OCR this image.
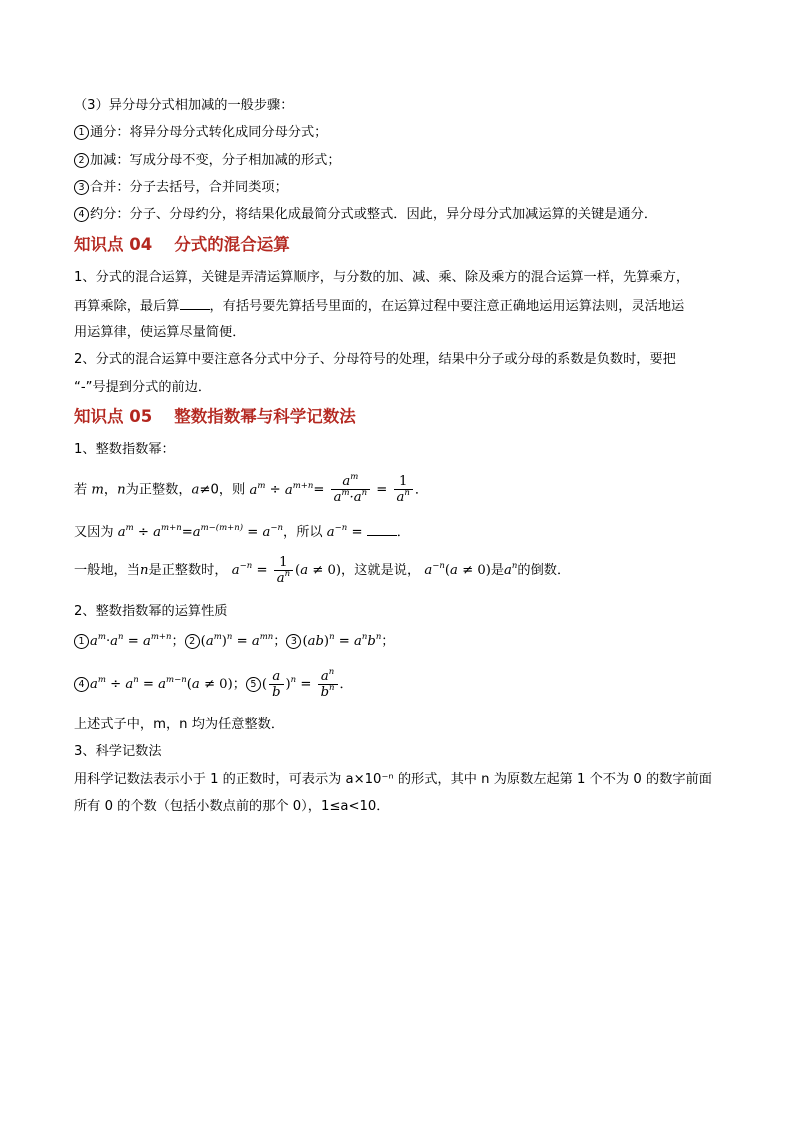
（3）异分母分式相加减的一般步骤：
1 通分：将异分母分式转化成同分母分式；
2 加减：写成分母不变，分子相加减的形式；
3 合并：分子去括号，合并同类项；
4 约分：分子、分母约分，将结果化成最简分式或整式．因此，异分母分式加减运算的关键是通分．
知识点 04 分式的混合运算
1、分式的混合运算，关键是弄清运算顺序，与分数的加、减、乘、除及乘方的混合运算一样，先算乘方，
再算乘除，最后算 ，有括号要先算括号里面的，在运算过程中要注意正确地运用运算法则，灵活地运
用运算律，使运算尽量简便．
2、分式的混合运算中要注意各分式中分子、分母符号的处理，结果中分子或分母的系数是负数时，要把
“-”号提到分式的前边．
知识点 05 整数指数幂与科学记数法
1、整数指数幂：
若 m，n为正整数，a≠0，则 $a^m \div a^{m+n}= \frac{a^m}{a^m\cdot a^n} = \frac{1}{a^n}$ ．
又因为 $a^m \div a^{m+n}=a^{m-(m+n)} = a^{-n}$，所以 $a^{-n}$ = ．
一般地，当n是正整数时， $a^{-n} = \frac{1}{a^n} (a \ne 0)$，这就是说， $a^{-n}(a \ne 0)$是$a^n$的倒数．
2、整数指数幂的运算性质
1 $a^m\cdot a^n = a^{m+n}$； 2 $(a^m)^n = a^{mn}$； 3 $(ab)^n = a^nb^n$；
4 $a^m \div a^n = a^{m-n}(a \ne 0)$； 5 ( $\frac{a}{b} )^n = \frac{a^n}{b^n}$ ．
上述式子中，m，n 均为任意整数．
3、科学记数法
用科学记数法表示小于 1 的正数时，可表示为 a×10⁻ⁿ 的形式，其中 n 为原数左起第 1 个不为 0 的数字前面
所有 0 的个数（包括小数点前的那个 0），1≤a<10．
